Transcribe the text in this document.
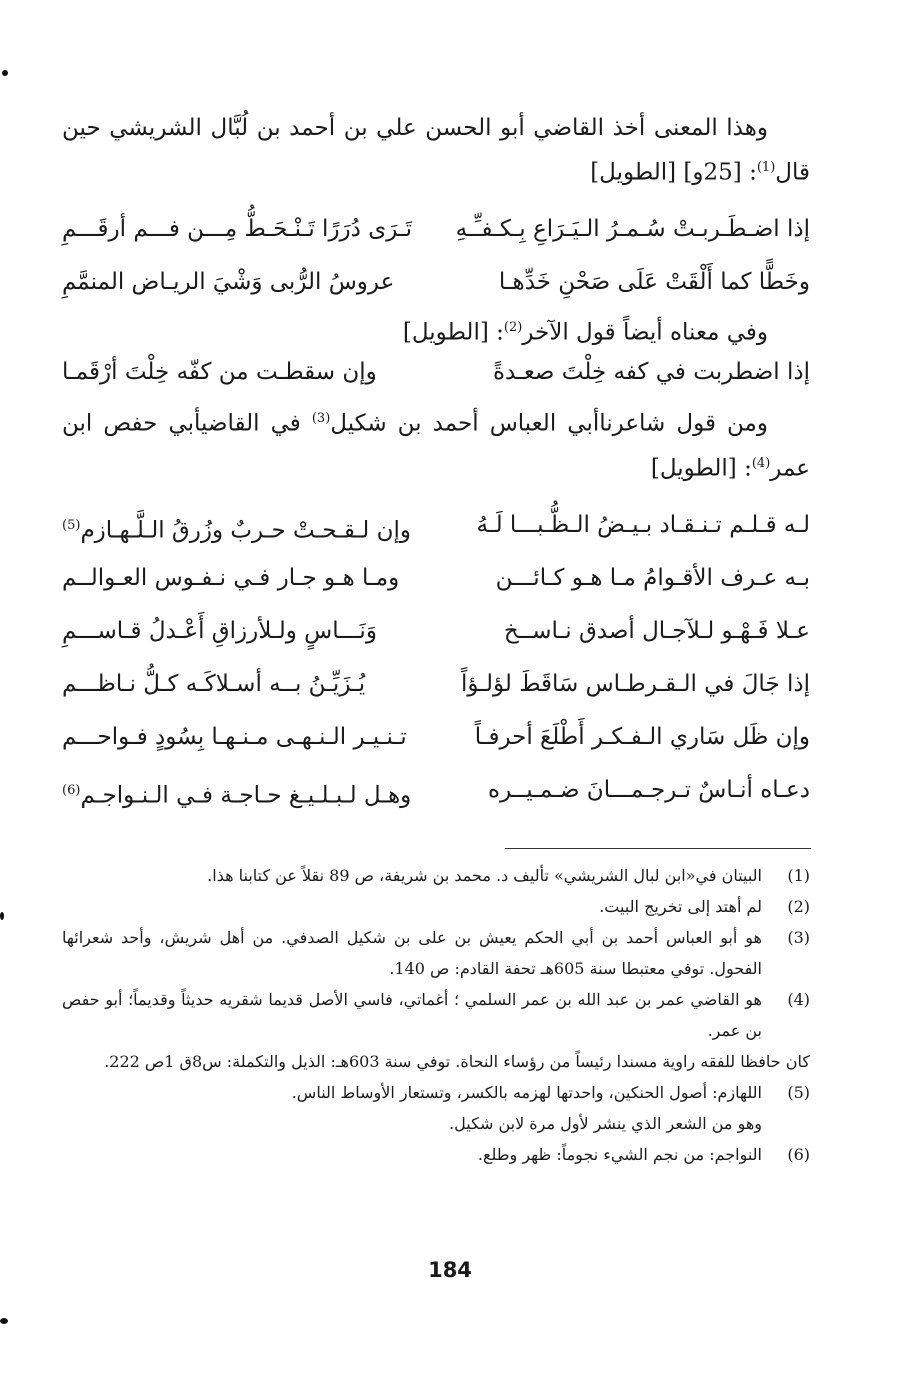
وهذا المعنى أخذ القاضي أبو الحسن علي بن أحمد بن لُبَّال الشريشي حين قال$^{(1)}$: [25و] [الطويل]

إذا اضـطَـربـتْ سُـمـرُ الـيَـرَاعِ بِـكـفـِّـهِ
تَـرَى دُرَرًا تَـنْـحَـطُّ مِـــن فـــم أرقَـــمِ
وخَطًّا كما أَلْقَتْ عَلَى صَحْنِ خَدِّهـا
عروسُ الرُّبى وَشْيَ الريـاض المنمَّمِ

وفي معناه أيضاً قول الآخر$^{(2)}$: [الطويل]

إذا اضطربت في كفه خِلْتَ صعـدةً
وإن سقطـت من كفّه خِلْتَ أرْقَمـا

ومن قول شاعرناأبي العباس أحمد بن شكيل$^{(3)}$ في القاضيأبي حفص ابن عمر$^{(4)}$: [الطويل]

لـه قـلـم تـنـقـاد بـيـضُ الـظُّـبـــا لَـهُ
وإن لـقـحـتْ حـربٌ وزُرقُ الـلَّـهـازم$^{(5)}$
بـه عـرف الأقـوامُ مـا هـو كـائـــن
ومـا هـو جـار فـي نـفـوس العـوالــم
عـلا فَـهْـو لـلآجـال أصدق نـاســخ
وَنَـــاسٍ ولـلأرزاقِ أَعْـدلُ قـاســـمِ
إذا جَالَ في الـقـرطـاس سَاقَطَ لؤلـؤاً
يُـزَيِّـنُ بــه أسـلاكَـه كـلُّ نـاظـــم
وإن ظَل سَاري الـفـكـر أَطْلَعَ أحرفـاً
تـنـيـر الـنـهـى مـنـهـا بِسُودٍ فـواحـــم
دعـاه أنـاسٌ تـرجـمـــانَ ضـمـيــره
وهـل لـبـلـيـغ حـاجـة فـي الـنـواجـم$^{(6)}$
(1)
البيتان في«ابن لبال الشريشي» تأليف د. محمد بن شريفة، ص 89 نقلاً عن كتابنا هذا.
(2)
لم أهتد إلى تخريج البيت.
(3)
هو أبو العباس أحمد بن أبي الحكم يعيش بن على بن شكيل الصدفي. من أهل شريش، وأحد شعرائها الفحول. توفي معتبطا سنة 605هـ تحفة القادم: ص 140.
(4)
هو القاضي عمر بن عبد الله بن عمر السلمي ؛ أغماتي، فاسي الأصل قديما شقريه حديثاً وقديماً؛ أبو حفص بن عمر.
كان حافظا للفقه راوية مسندا رئيساً من رؤساء النحاة. توفي سنة 603هـ: الذيل والتكملة: س8ق 1ص 222.
(5)
اللهازم: أصول الحنكين، واحدتها لهزمه بالكسر، وتستعار الأوساط الناس.
وهو من الشعر الذي ينشر لأول مرة لابن شكيل.
(6)
النواجم: من نجم الشيء نجوماً: ظهر وطلع.
184
